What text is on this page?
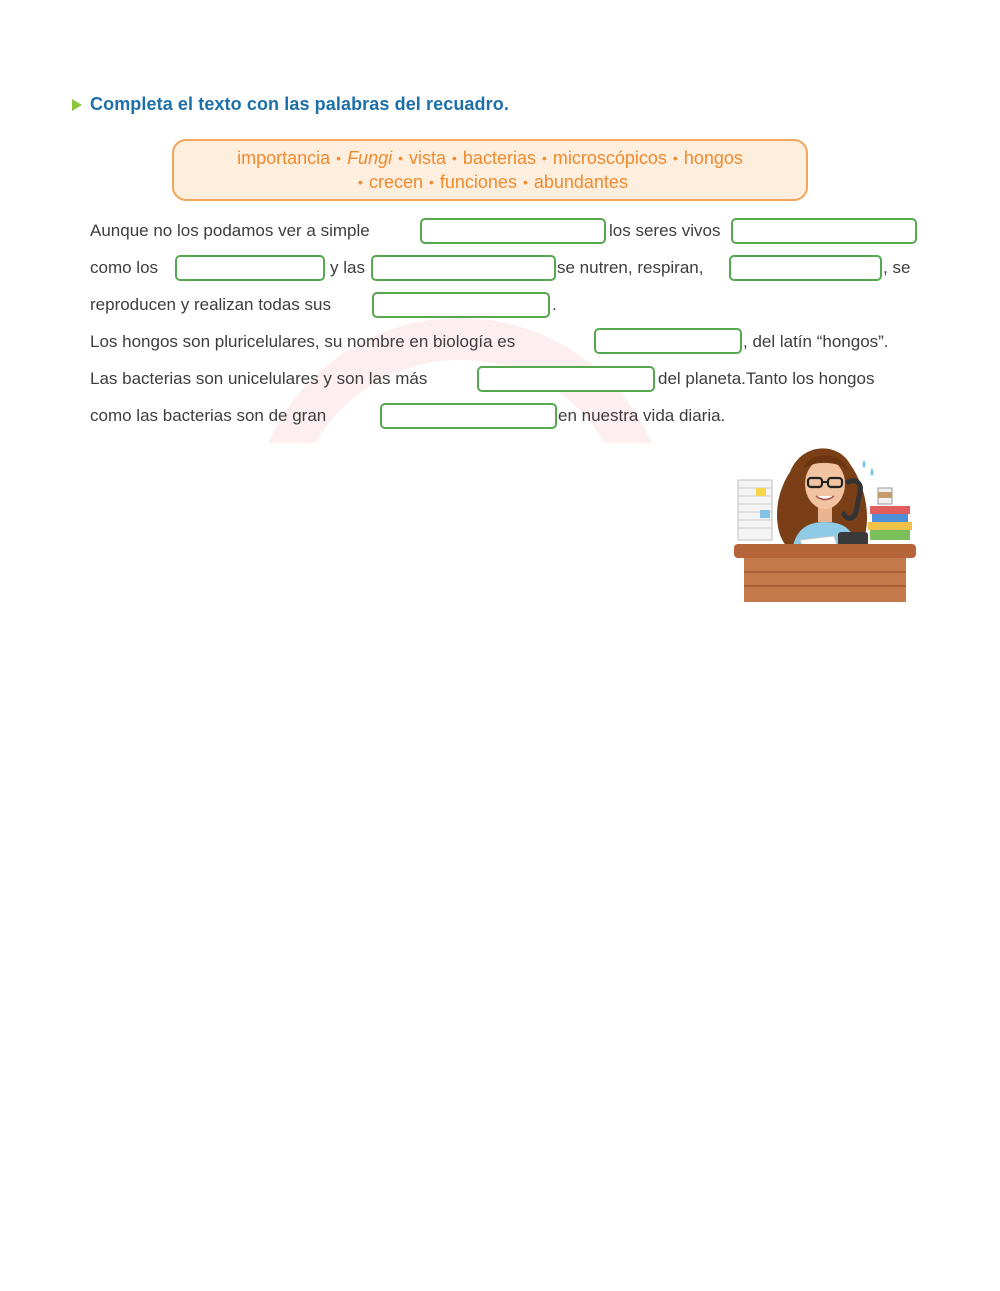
Completa el texto con las palabras del recuadro.
importancia • Fungi • vista • bacterias • microscópicos • hongos
• crecen • funciones • abundantes
Aunque no los podamos ver a simple	los seres vivos
como los	y las	se nutren, respiran,	, se
reproducen y realizan todas sus	.
Los hongos son pluricelulares, su nombre en biología es	, del latín “hongos”.
Las bacterias son unicelulares y son las más	del planeta.Tanto los hongos
como las bacterias son de gran	en nuestra vida diaria.
